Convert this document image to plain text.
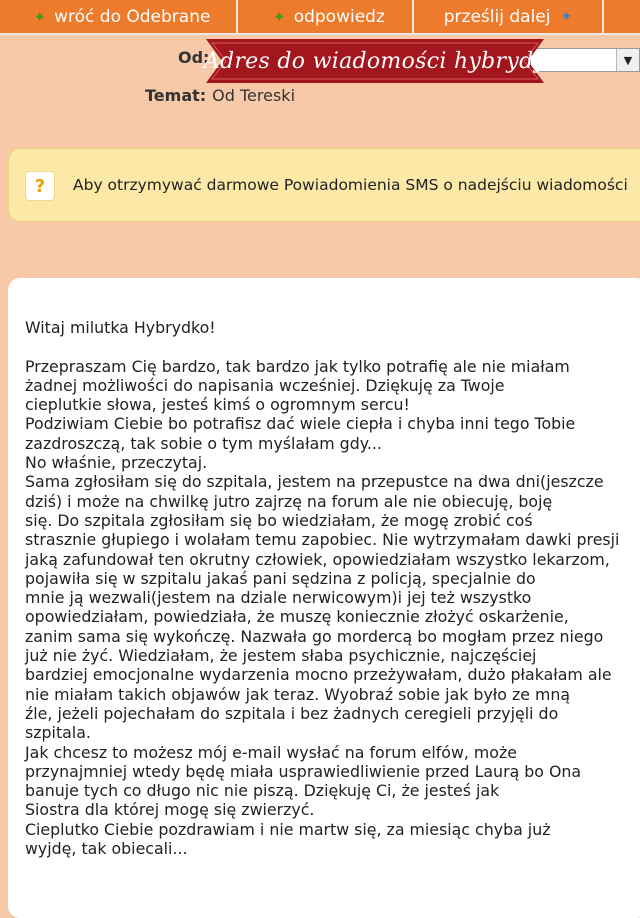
✦ wróć do Odebrane	✦ odpowiedz	prześlij dalej ✦
Od:	▼
Adres do wiadomości hybrydy
Temat: Od Tereski
?	Aby otrzymywać darmowe Powiadomienia SMS o nadejściu wiadomości
Witaj milutka Hybrydko!

Przepraszam Cię bardzo, tak bardzo jak tylko potrafię ale nie miałam
żadnej możliwości do napisania wcześniej. Dziękuję za Twoje
cieplutkie słowa, jesteś kimś o ogromnym sercu!
Podziwiam Ciebie bo potrafisz dać wiele ciepła i chyba inni tego Tobie
zazdroszczą, tak sobie o tym myślałam gdy...
No właśnie, przeczytaj.
Sama zgłosiłam się do szpitala, jestem na przepustce na dwa dni(jeszcze
dziś) i może na chwilkę jutro zajrzę na forum ale nie obiecuję, boję
się. Do szpitala zgłosiłam się bo wiedziałam, że mogę zrobić coś
strasznie głupiego i wolałam temu zapobiec. Nie wytrzymałam dawki presji
jaką zafundował ten okrutny człowiek, opowiedziałam wszystko lekarzom,
pojawiła się w szpitalu jakaś pani sędzina z policją, specjalnie do
mnie ją wezwali(jestem na dziale nerwicowym)i jej też wszystko
opowiedziałam, powiedziała, że muszę koniecznie złożyć oskarżenie,
zanim sama się wykończę. Nazwała go mordercą bo mogłam przez niego
już nie żyć. Wiedziałam, że jestem słaba psychicznie, najczęściej
bardziej emocjonalne wydarzenia mocno przeżywałam, dużo płakałam ale
nie miałam takich objawów jak teraz. Wyobraź sobie jak było ze mną
źle, jeżeli pojechałam do szpitala i bez żadnych ceregieli przyjęli do
szpitala.
Jak chcesz to możesz mój e-mail wysłać na forum elfów, może
przynajmniej wtedy będę miała usprawiedliwienie przed Laurą bo Ona
banuje tych co długo nic nie piszą. Dziękuję Ci, że jesteś jak
Siostra dla której mogę się zwierzyć.
Cieplutko Ciebie pozdrawiam i nie martw się, za miesiąc chyba już
wyjdę, tak obiecali...
